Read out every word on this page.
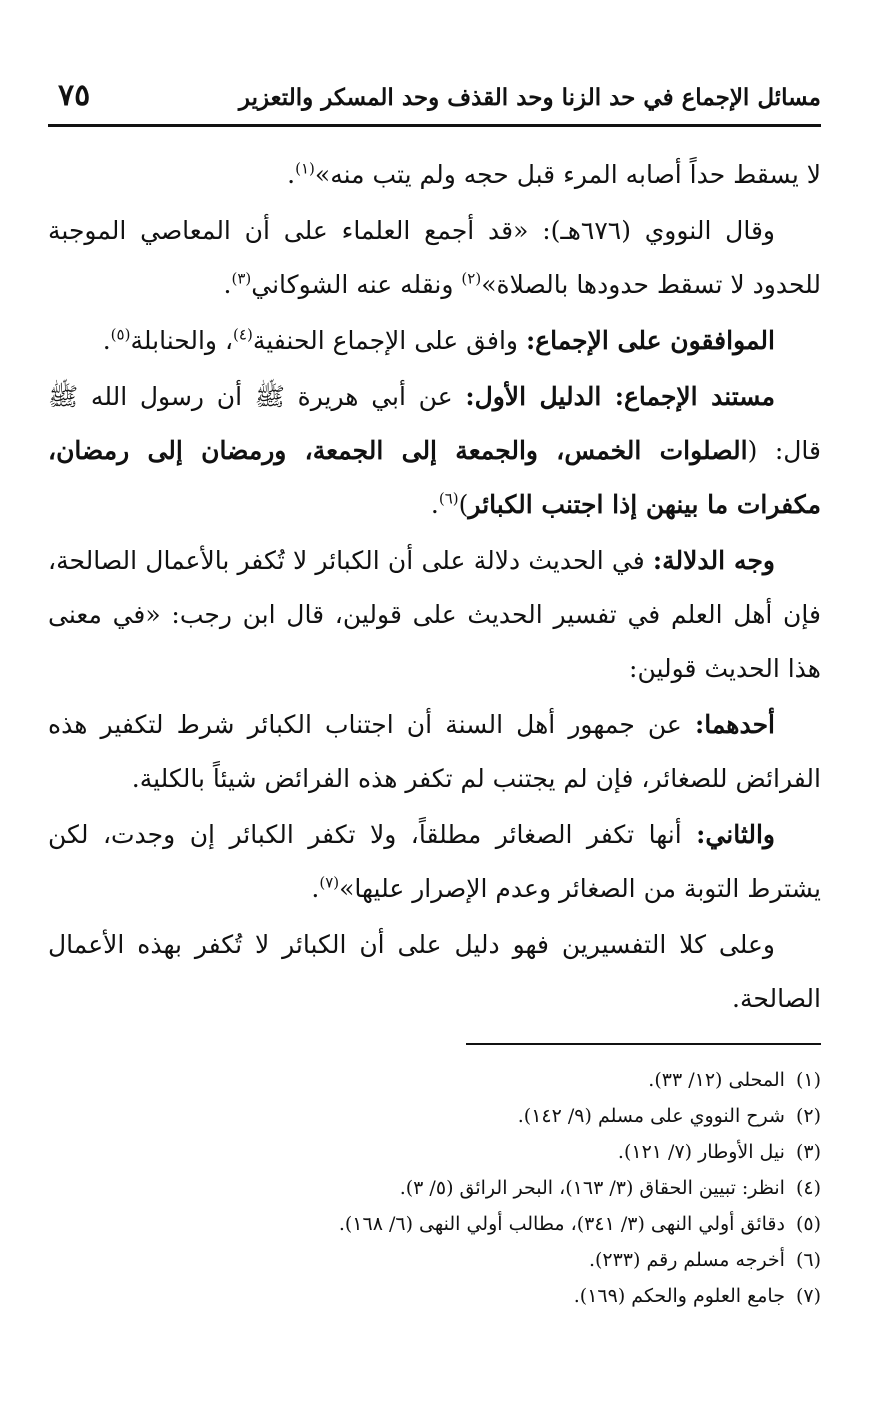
مسائل الإجماع في حد الزنا وحد القذف وحد المسكر والتعزير
٧٥

لا يسقط حداً أصابه المرء قبل حجه ولم يتب منه»$^{(١)}$.

وقال النووي (٦٧٦هـ): «قد أجمع العلماء على أن المعاصي الموجبة للحدود لا تسقط حدودها بالصلاة»$^{(٢)}$ ونقله عنه الشوكاني$^{(٣)}$.

الموافقون على الإجماع: وافق على الإجماع الحنفية$^{(٤)}$، والحنابلة$^{(٥)}$.

مستند الإجماع: الدليل الأول: عن أبي هريرة ﷺ أن رسول الله ﷺ قال: (الصلوات الخمس، والجمعة إلى الجمعة، ورمضان إلى رمضان، مكفرات ما بينهن إذا اجتنب الكبائر)$^{(٦)}$.

وجه الدلالة: في الحديث دلالة على أن الكبائر لا تُكفر بالأعمال الصالحة، فإن أهل العلم في تفسير الحديث على قولين، قال ابن رجب: «في معنى هذا الحديث قولين:

أحدهما: عن جمهور أهل السنة أن اجتناب الكبائر شرط لتكفير هذه الفرائض للصغائر، فإن لم يجتنب لم تكفر هذه الفرائض شيئاً بالكلية.

والثاني: أنها تكفر الصغائر مطلقاً، ولا تكفر الكبائر إن وجدت، لكن يشترط التوبة من الصغائر وعدم الإصرار عليها»$^{(٧)}$.

وعلى كلا التفسيرين فهو دليل على أن الكبائر لا تُكفر بهذه الأعمال الصالحة.

(١) المحلى (١٢/ ٣٣).
(٢) شرح النووي على مسلم (٩/ ١٤٢).
(٣) نيل الأوطار (٧/ ١٢١).
(٤) انظر: تبيين الحقاق (٣/ ١٦٣)، البحر الرائق (٥/ ٣).
(٥) دقائق أولي النهى (٣/ ٣٤١)، مطالب أولي النهى (٦/ ١٦٨).
(٦) أخرجه مسلم رقم (٢٣٣).
(٧) جامع العلوم والحكم (١٦٩).
